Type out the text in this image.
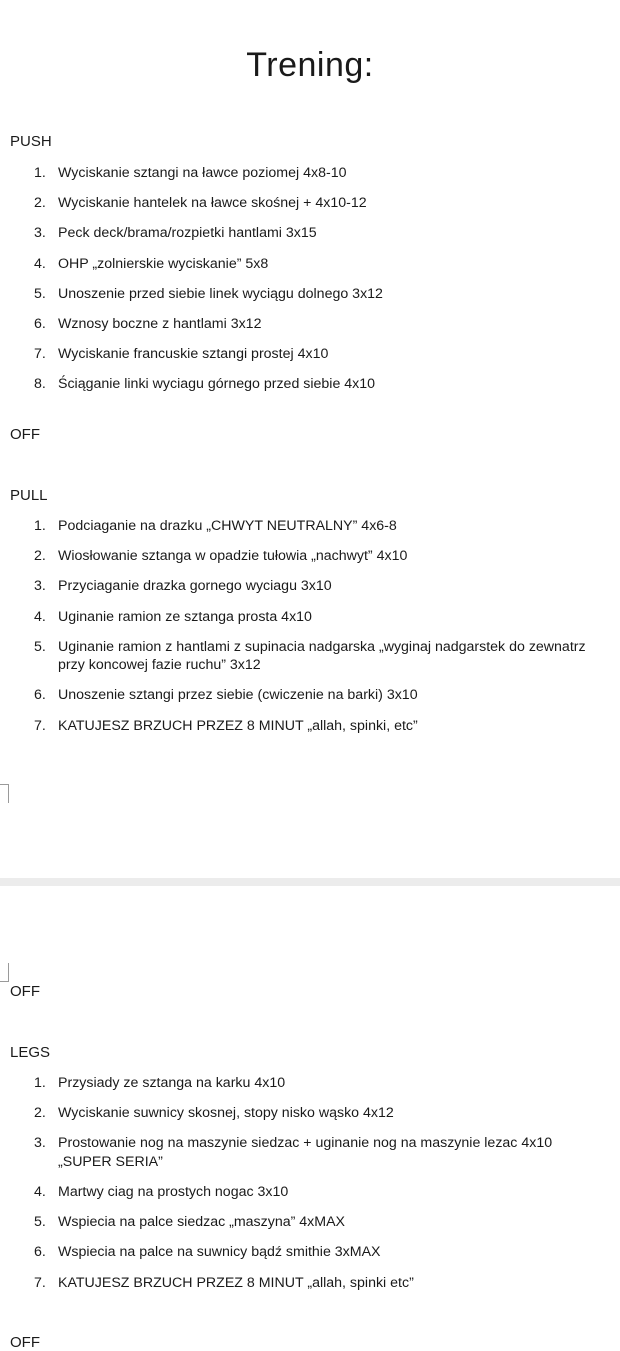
Trening:
PUSH
1. Wyciskanie sztangi na ławce poziomej 4x8-10
2. Wyciskanie hantelek na ławce skośnej + 4x10-12
3. Peck deck/brama/rozpietki hantlami 3x15
4. OHP „zolnierskie wyciskanie” 5x8
5. Unoszenie przed siebie linek wyciągu dolnego 3x12
6. Wznosy boczne z hantlami 3x12
7. Wyciskanie francuskie sztangi prostej 4x10
8. Ściąganie linki wyciagu górnego przed siebie 4x10
OFF
PULL
1. Podciaganie na drazku „CHWYT NEUTRALNY” 4x6-8
2. Wiosłowanie sztanga w opadzie tułowia „nachwyt” 4x10
3. Przyciaganie drazka gornego wyciagu 3x10
4. Uginanie ramion ze sztanga prosta 4x10
5. Uginanie ramion z hantlami z supinacia nadgarska „wyginaj nadgarstek do zewnatrz przy koncowej fazie ruchu” 3x12
6. Unoszenie sztangi przez siebie (cwiczenie na barki) 3x10
7. KATUJESZ BRZUCH PRZEZ 8 MINUT „allah, spinki, etc”
OFF
LEGS
1. Przysiady ze sztanga na karku 4x10
2. Wyciskanie suwnicy skosnej, stopy nisko wąsko 4x12
3. Prostowanie nog na maszynie siedzac + uginanie nog na maszynie lezac 4x10 „SUPER SERIA”
4. Martwy ciag na prostych nogac 3x10
5. Wspiecia na palce siedzac „maszyna” 4xMAX
6. Wspiecia na palce na suwnicy bądź smithie 3xMAX
7. KATUJESZ BRZUCH PRZEZ 8 MINUT „allah, spinki etc”
OFF
